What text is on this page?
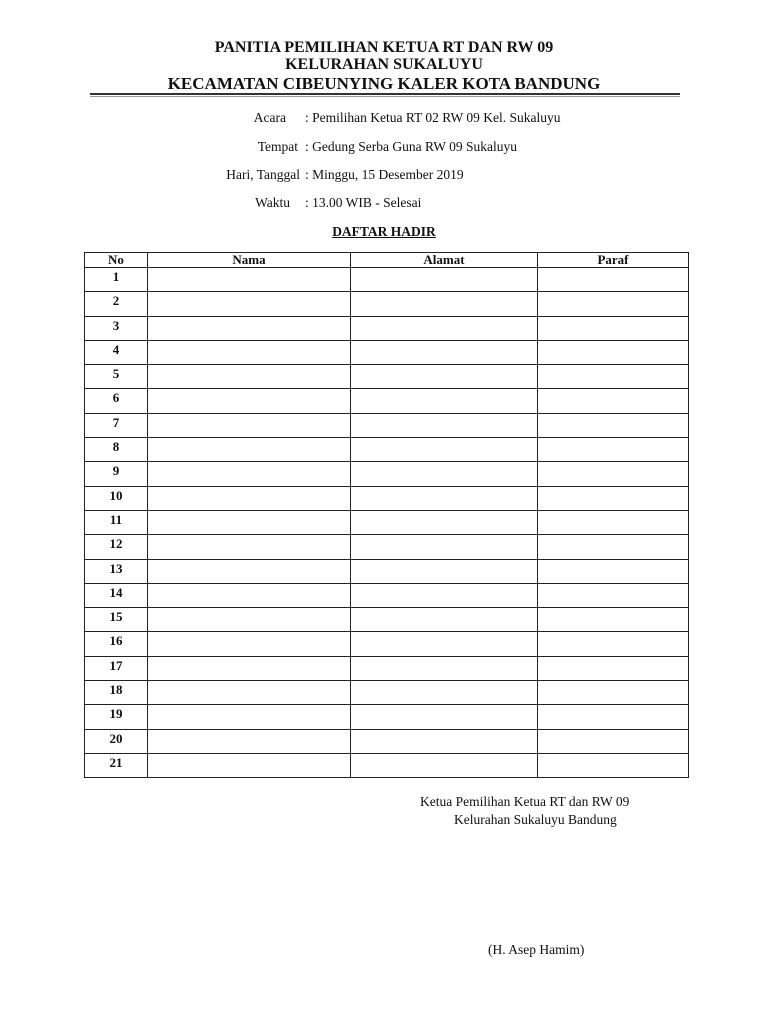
PANITIA PEMILIHAN KETUA RT DAN RW 09
KELURAHAN SUKALUYU
KECAMATAN CIBEUNYING KALER KOTA BANDUNG
Acara : Pemilihan Ketua RT 02 RW 09 Kel. Sukaluyu
Tempat : Gedung Serba Guna RW 09 Sukaluyu
Hari, Tanggal : Minggu, 15 Desember 2019
Waktu : 13.00 WIB - Selesai
DAFTAR HADIR
No	Nama	Alamat	Paraf
1			
2			
3			
4			
5			
6			
7			
8			
9			
10			
11			
12			
13			
14			
15			
16			
17			
18			
19			
20			
21			
Ketua Pemilihan Ketua RT dan RW 09
Kelurahan Sukaluyu Bandung
(H. Asep Hamim)
